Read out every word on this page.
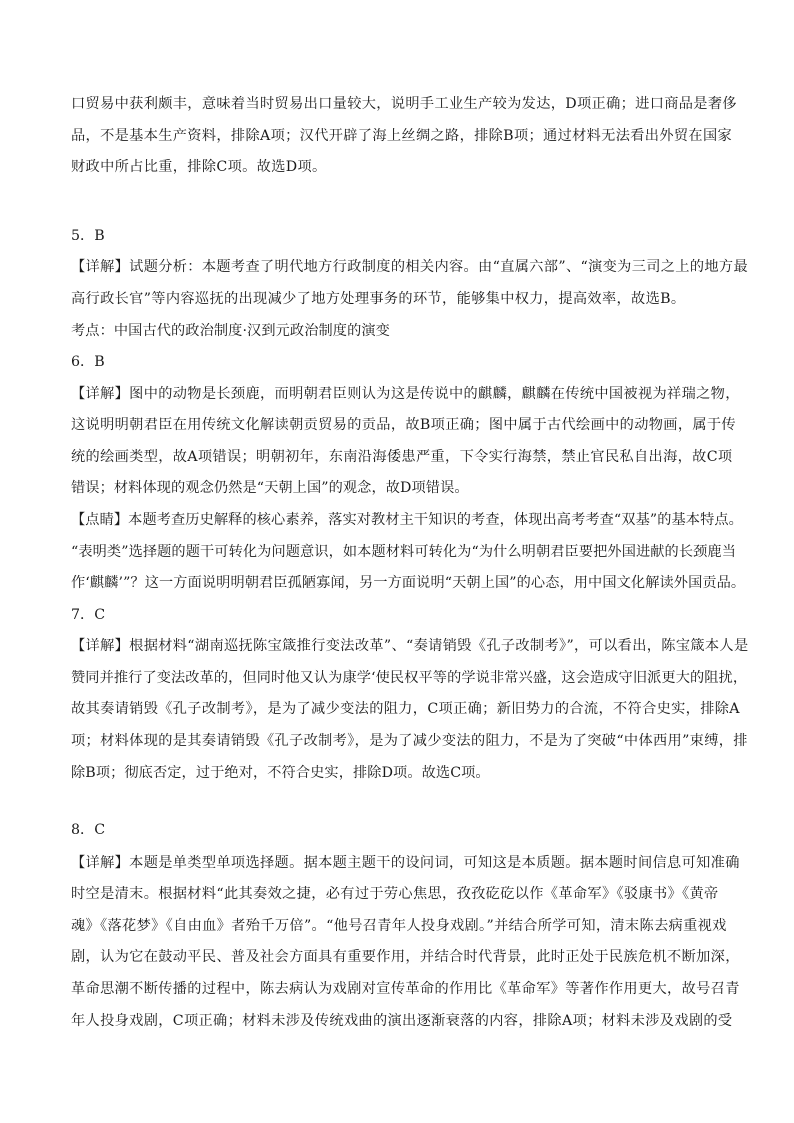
口贸易中获利颇丰，意味着当时贸易出口量较大，说明手工业生产较为发达，D项正确；进口商品是奢侈
品，不是基本生产资料，排除A项；汉代开辟了海上丝绸之路，排除B项；通过材料无法看出外贸在国家
财政中所占比重，排除C项。故选D项。
5．B
【详解】试题分析：本题考查了明代地方行政制度的相关内容。由“直属六部”、“演变为三司之上的地方最
高行政长官”等内容巡抚的出现减少了地方处理事务的环节，能够集中权力，提高效率，故选B。
考点：中国古代的政治制度·汉到元政治制度的演变
6．B
【详解】图中的动物是长颈鹿，而明朝君臣则认为这是传说中的麒麟，麒麟在传统中国被视为祥瑞之物，
这说明明朝君臣在用传统文化解读朝贡贸易的贡品，故B项正确；图中属于古代绘画中的动物画，属于传
统的绘画类型，故A项错误；明朝初年，东南沿海倭患严重，下令实行海禁，禁止官民私自出海，故C项
错误；材料体现的观念仍然是“天朝上国”的观念，故D项错误。
【点睛】本题考查历史解释的核心素养，落实对教材主干知识的考查，体现出高考考查“双基”的基本特点。
“表明类”选择题的题干可转化为问题意识，如本题材料可转化为“为什么明朝君臣要把外国进献的长颈鹿当
作‘麒麟’”？这一方面说明明朝君臣孤陋寡闻，另一方面说明“天朝上国”的心态，用中国文化解读外国贡品。
7．C
【详解】根据材料“湖南巡抚陈宝箴推行变法改革”、“奏请销毁《孔子改制考》”，可以看出，陈宝箴本人是
赞同并推行了变法改革的，但同时他又认为康学‘使民权平等的学说非常兴盛，这会造成守旧派更大的阻扰，
故其奏请销毁《孔子改制考》，是为了减少变法的阻力，C项正确；新旧势力的合流，不符合史实，排除A
项；材料体现的是其奏请销毁《孔子改制考》，是为了减少变法的阻力，不是为了突破“中体西用”束缚，排
除B项；彻底否定，过于绝对，不符合史实，排除D项。故选C项。
8．C
【详解】本题是单类型单项选择题。据本题主题干的设问词，可知这是本质题。据本题时间信息可知准确
时空是清末。根据材料“此其奏效之捷，必有过于劳心焦思，孜孜矻矻以作《革命军》《驳康书》《黄帝
魂》《落花梦》《自由血》者殆千万倍”。“他号召青年人投身戏剧。”并结合所学可知，清末陈去病重视戏
剧，认为它在鼓动平民、普及社会方面具有重要作用，并结合时代背景，此时正处于民族危机不断加深，
革命思潮不断传播的过程中，陈去病认为戏剧对宣传革命的作用比《革命军》等著作作用更大，故号召青
年人投身戏剧，C项正确；材料未涉及传统戏曲的演出逐渐衰落的内容，排除A项；材料未涉及戏剧的受
